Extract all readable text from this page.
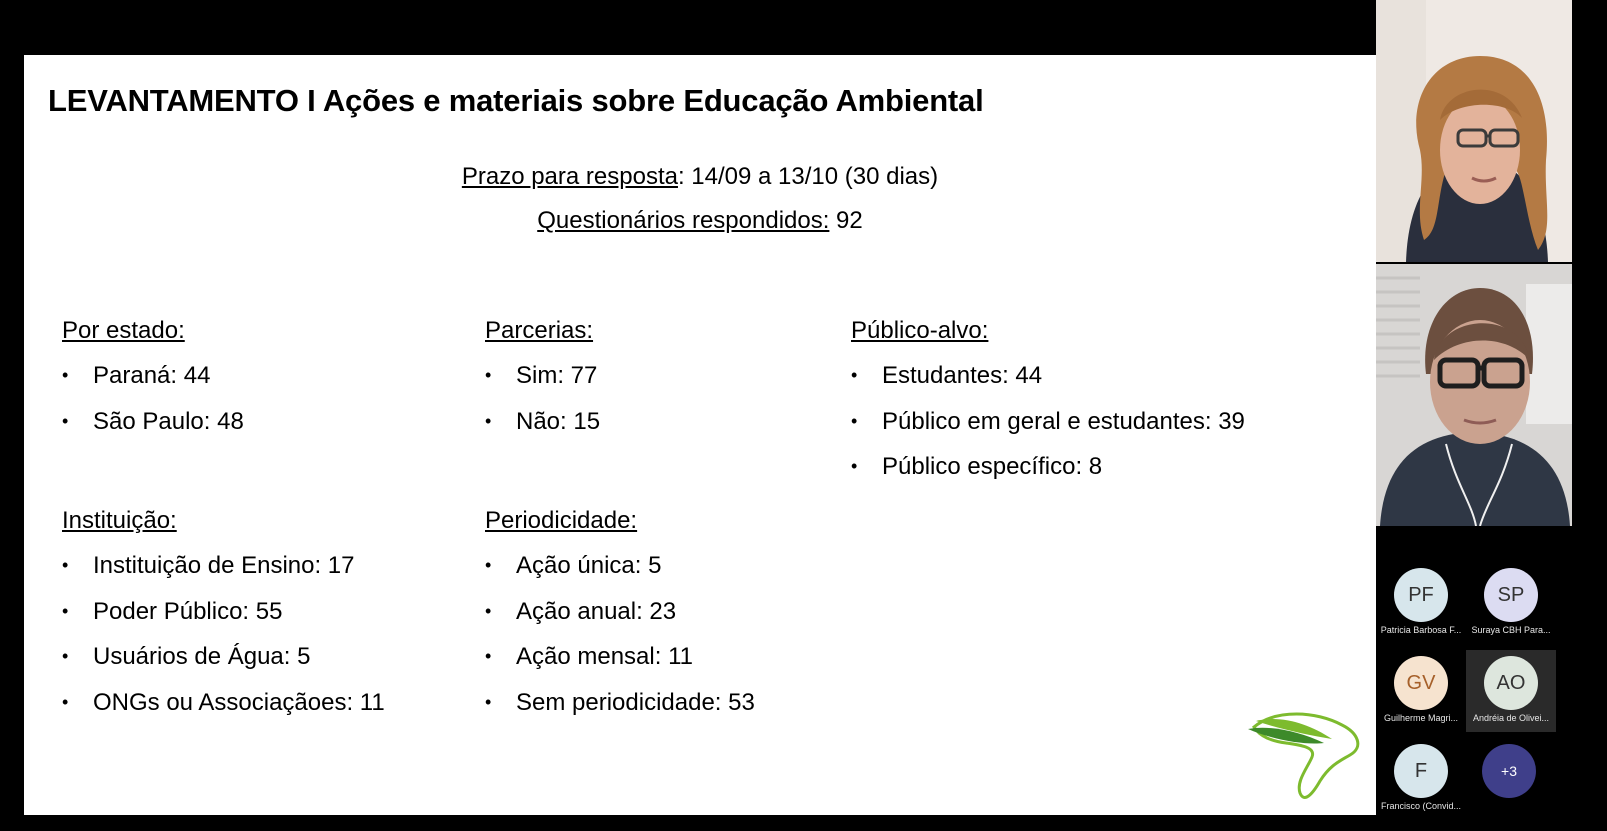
LEVANTAMENTO I Ações e materiais sobre Educação Ambiental
Prazo para resposta: 14/09 a 13/10 (30 dias)
Questionários respondidos: 92
Por estado:
• Paraná: 44
• São Paulo: 48
Parcerias:
• Sim: 77
• Não: 15
Público-alvo:
• Estudantes: 44
• Público em geral e estudantes: 39
• Público específico: 8
Instituição:
• Instituição de Ensino: 17
• Poder Público: 55
• Usuários de Água: 5
• ONGs ou Associaçãoes: 11
Periodicidade:
• Ação única: 5
• Ação anual: 23
• Ação mensal: 11
• Sem periodicidade: 53
PF
Patricia Barbosa F...
SP
Suraya CBH Para...
GV
Guilherme Magri...
AO
Andréia de Olivei...
F
Francisco (Convid...
+3
